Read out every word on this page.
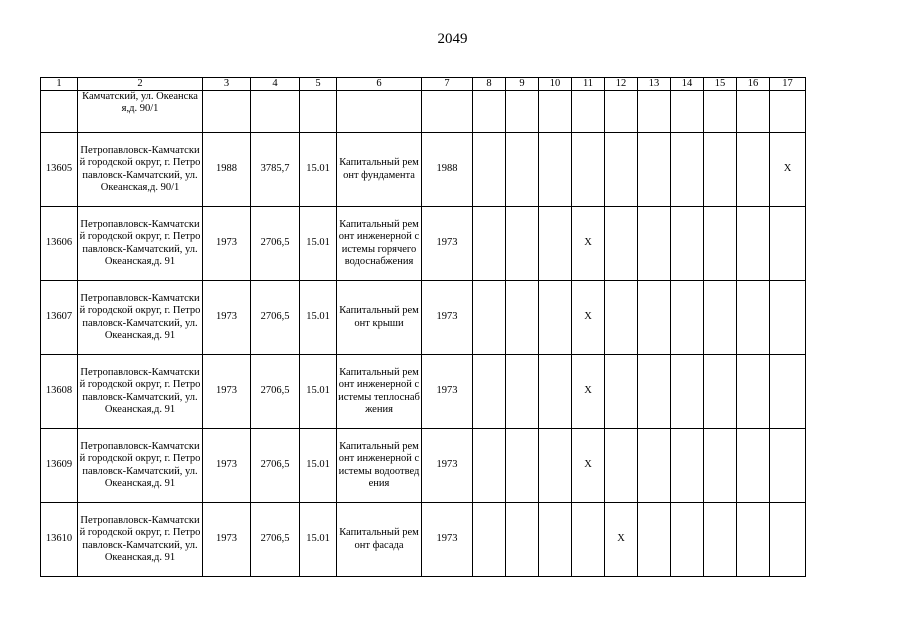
2049
1	2	3	4	5	6	7	8	9	10	11	12	13	14	15	16	17
	Камчатский, ул. Океанская,д. 90/1															
13605	Петропавловск-Камчатский городской округ, г. Петропавловск-Камчатский, ул. Океанская,д. 90/1	1988	3785,7	15.01	Капитальный ремонт фундамента	1988										X
13606	Петропавловск-Камчатский городской округ, г. Петропавловск-Камчатский, ул. Океанская,д. 91	1973	2706,5	15.01	Капитальный ремонт инженерной системы горячего водоснабжения	1973				X						
13607	Петропавловск-Камчатский городской округ, г. Петропавловск-Камчатский, ул. Океанская,д. 91	1973	2706,5	15.01	Капитальный ремонт крыши	1973				X						
13608	Петропавловск-Камчатский городской округ, г. Петропавловск-Камчатский, ул. Океанская,д. 91	1973	2706,5	15.01	Капитальный ремонт инженерной системы теплоснабжения	1973				X						
13609	Петропавловск-Камчатский городской округ, г. Петропавловск-Камчатский, ул. Океанская,д. 91	1973	2706,5	15.01	Капитальный ремонт инженерной системы водоотведения	1973				X						
13610	Петропавловск-Камчатский городской округ, г. Петропавловск-Камчатский, ул. Океанская,д. 91	1973	2706,5	15.01	Капитальный ремонт фасада	1973					X					
